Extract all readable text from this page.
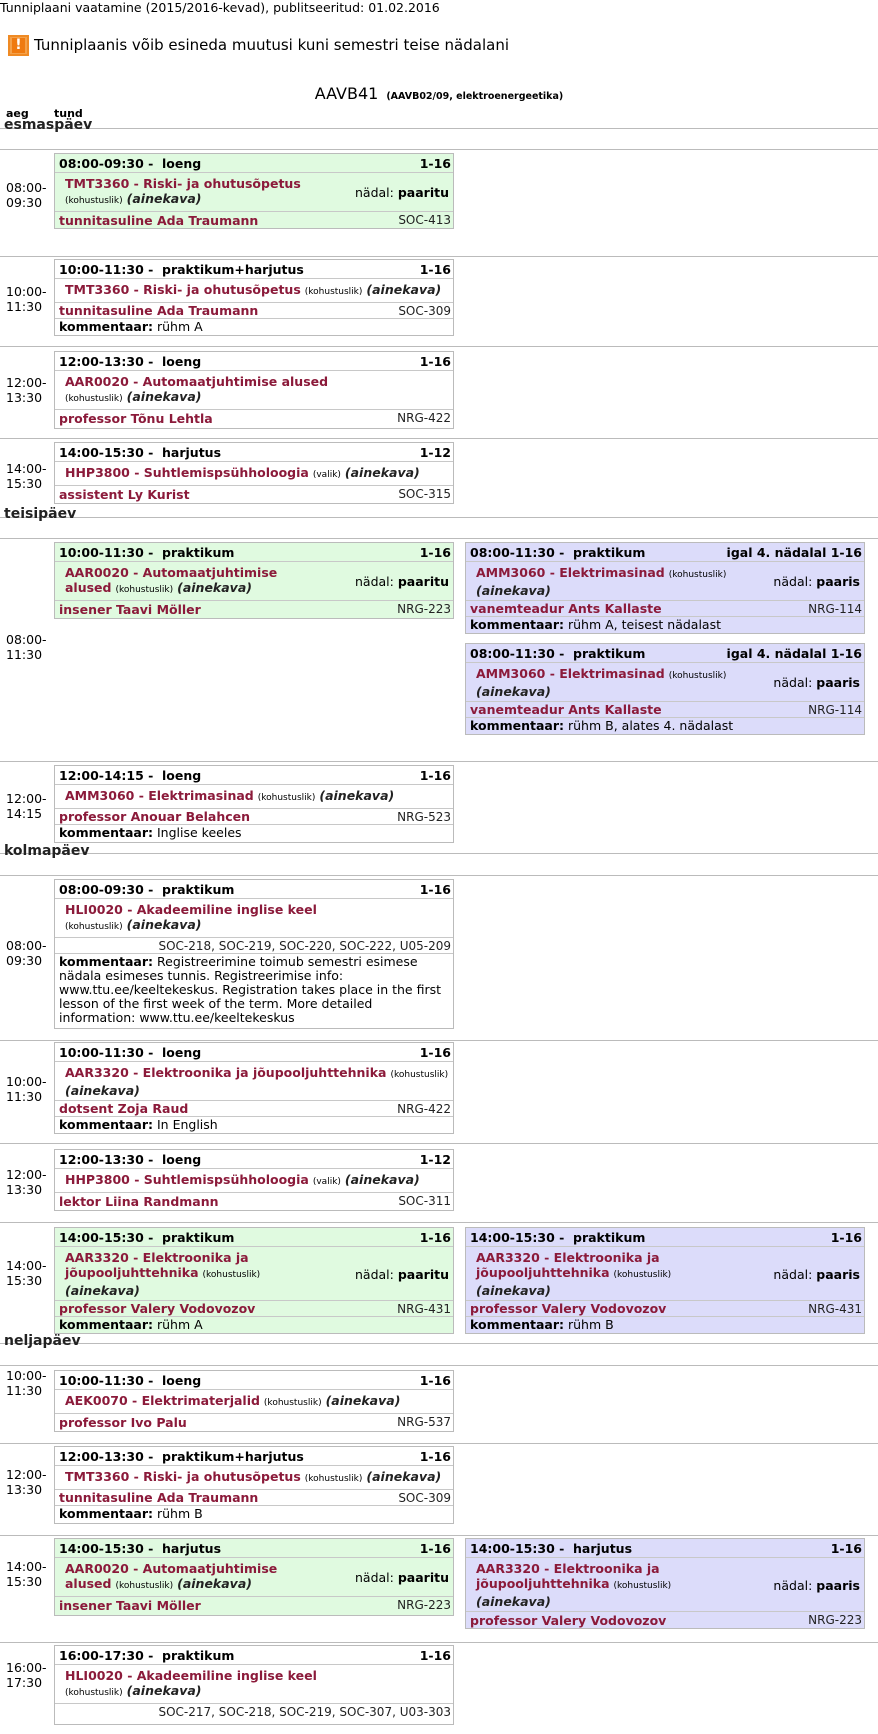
Tunniplaani vaatamine (2015/2016-kevad), publitseeritud: 01.02.2016
! Tunniplaanis võib esineda muutusi kuni semestri teise nädalani
AAVB41 (AAVB02/09, elektroenergeetika)
aeg tund
esmaspäev
08:00-
09:30
08:00-09:30 -  loeng	1-16
TMT3360 - Riski- ja ohutusõpetus (kohustuslik) (ainekava)	nädal: paaritu
tunnitasuline Ada Traumann	SOC-413
10:00-
11:30
10:00-11:30 -  praktikum+harjutus	1-16
TMT3360 - Riski- ja ohutusõpetus (kohustuslik) (ainekava)
tunnitasuline Ada Traumann	SOC-309
kommentaar: rühm A
12:00-
13:30
12:00-13:30 -  loeng	1-16
AAR0020 - Automaatjuhtimise alused (kohustuslik) (ainekava)
professor Tõnu Lehtla	NRG-422
14:00-
15:30
14:00-15:30 -  harjutus	1-12
HHP3800 - Suhtlemispsühholoogia (valik) (ainekava)
assistent Ly Kurist	SOC-315
teisipäev
08:00-
11:30
10:00-11:30 -  praktikum	1-16
AAR0020 - Automaatjuhtimise alused (kohustuslik) (ainekava)	nädal: paaritu
insener Taavi Möller	NRG-223
08:00-11:30 -  praktikum	igal 4. nädalal 1-16
AMM3060 - Elektrimasinad (kohustuslik) (ainekava)
nädal: paaris
vanemteadur Ants Kallaste	NRG-114
kommentaar: rühm A, teisest nädalast
08:00-11:30 -  praktikum	igal 4. nädalal 1-16
AMM3060 - Elektrimasinad (kohustuslik) (ainekava)
nädal: paaris
vanemteadur Ants Kallaste	NRG-114
kommentaar: rühm B, alates 4. nädalast
12:00-
14:15
12:00-14:15 -  loeng	1-16
AMM3060 - Elektrimasinad (kohustuslik) (ainekava)
professor Anouar Belahcen	NRG-523
kommentaar: Inglise keeles
kolmapäev
08:00-
09:30
08:00-09:30 -  praktikum	1-16
HLI0020 - Akadeemiline inglise keel (kohustuslik) (ainekava)
SOC-218, SOC-219, SOC-220, SOC-222, U05-209
kommentaar: Registreerimine toimub semestri esimese nädala esimeses tunnis. Registreerimise info: www.ttu.ee/keeltekeskus. Registration takes place in the first lesson of the first week of the term. More detailed information: www.ttu.ee/keeltekeskus
10:00-
11:30
10:00-11:30 -  loeng	1-16
AAR3320 - Elektroonika ja jõupooljuhttehnika (kohustuslik) (ainekava)
dotsent Zoja Raud	NRG-422
kommentaar: In English
12:00-
13:30
12:00-13:30 -  loeng	1-12
HHP3800 - Suhtlemispsühholoogia (valik) (ainekava)
lektor Liina Randmann	SOC-311
14:00-
15:30
14:00-15:30 -  praktikum	1-16
AAR3320 - Elektroonika ja jõupooljuhttehnika (kohustuslik) (ainekava)
nädal: paaritu
professor Valery Vodovozov	NRG-431
kommentaar: rühm A
14:00-15:30 -  praktikum	1-16
AAR3320 - Elektroonika ja jõupooljuhttehnika (kohustuslik) (ainekava)
nädal: paaris
professor Valery Vodovozov	NRG-431
kommentaar: rühm B
neljapäev
10:00-
11:30
10:00-11:30 -  loeng	1-16
AEK0070 - Elektrimaterjalid (kohustuslik) (ainekava)
professor Ivo Palu	NRG-537
12:00-
13:30
12:00-13:30 -  praktikum+harjutus	1-16
TMT3360 - Riski- ja ohutusõpetus (kohustuslik) (ainekava)
tunnitasuline Ada Traumann	SOC-309
kommentaar: rühm B
14:00-
15:30
14:00-15:30 -  harjutus	1-16
AAR0020 - Automaatjuhtimise alused (kohustuslik) (ainekava)	nädal: paaritu
insener Taavi Möller	NRG-223
14:00-15:30 -  harjutus	1-16
AAR3320 - Elektroonika ja jõupooljuhttehnika (kohustuslik) (ainekava)
nädal: paaris
professor Valery Vodovozov	NRG-223
16:00-
17:30
16:00-17:30 -  praktikum	1-16
HLI0020 - Akadeemiline inglise keel (kohustuslik) (ainekava)
SOC-217, SOC-218, SOC-219, SOC-307, U03-303
